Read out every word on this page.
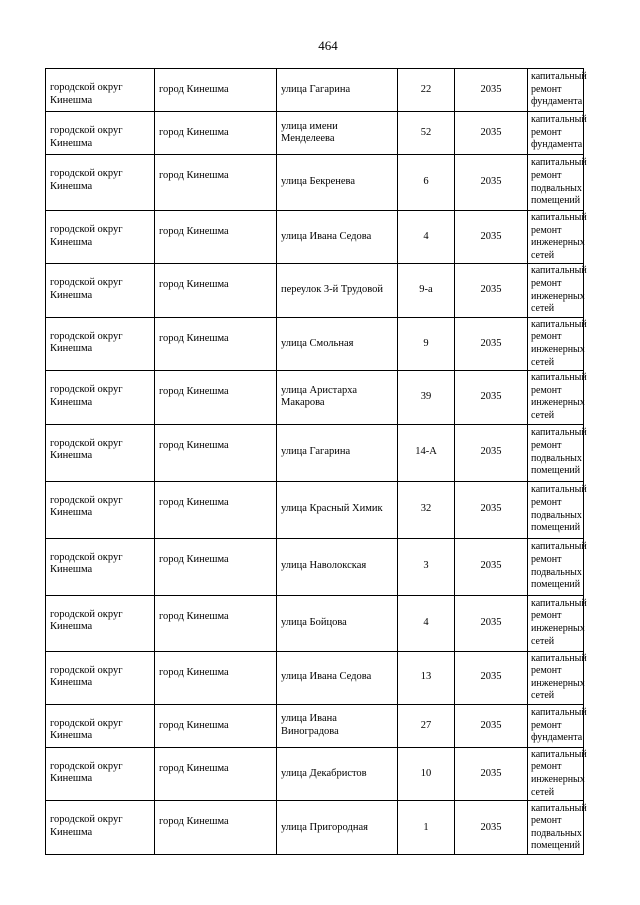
464
городской округ Кинешма	город Кинешма	улица Гагарина	22	2035	капитальный ремонт фундамента
городской округ Кинешма	город Кинешма	улица имени Менделеева	52	2035	капитальный ремонт фундамента
городской округ Кинешма	город Кинешма	улица Бекренева	6	2035	капитальный ремонт подвальных помещений
городской округ Кинешма	город Кинешма	улица Ивана Седова	4	2035	капитальный ремонт инженерных сетей
городской округ Кинешма	город Кинешма	переулок 3-й Трудовой	9-а	2035	капитальный ремонт инженерных сетей
городской округ Кинешма	город Кинешма	улица Смольная	9	2035	капитальный ремонт инженерных сетей
городской округ Кинешма	город Кинешма	улица Аристарха Макарова	39	2035	капитальный ремонт инженерных сетей
городской округ Кинешма	город Кинешма	улица Гагарина	14-А	2035	капитальный ремонт подвальных помещений
городской округ Кинешма	город Кинешма	улица Красный Химик	32	2035	капитальный ремонт подвальных помещений
городской округ Кинешма	город Кинешма	улица Наволокская	3	2035	капитальный ремонт подвальных помещений
городской округ Кинешма	город Кинешма	улица Бойцова	4	2035	капитальный ремонт инженерных сетей
городской округ Кинешма	город Кинешма	улица Ивана Седова	13	2035	капитальный ремонт инженерных сетей
городской округ Кинешма	город Кинешма	улица Ивана Виноградова	27	2035	капитальный ремонт фундамента
городской округ Кинешма	город Кинешма	улица Декабристов	10	2035	капитальный ремонт инженерных сетей
городской округ Кинешма	город Кинешма	улица Пригородная	1	2035	капитальный ремонт подвальных помещений
